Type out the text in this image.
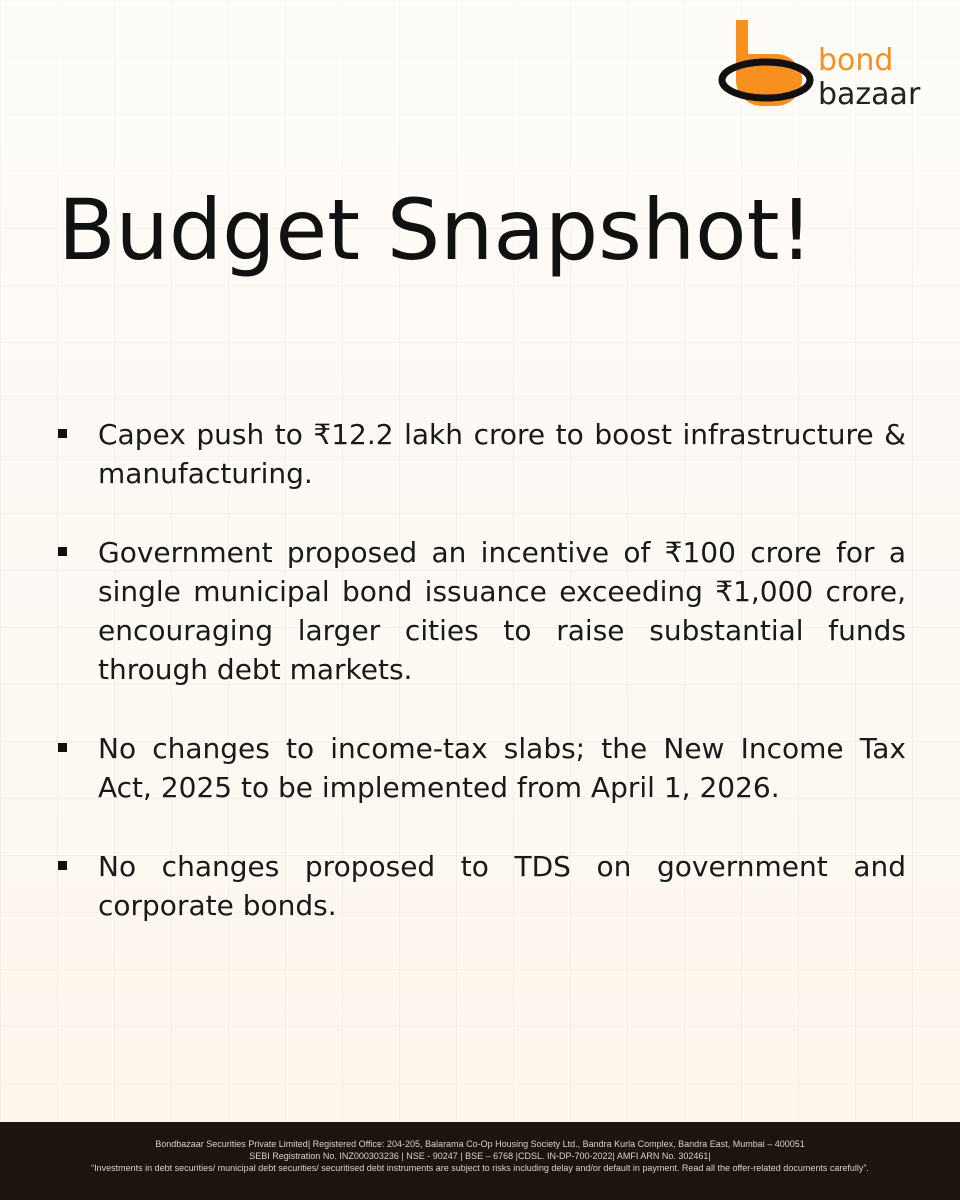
bond
bazaar
Budget Snapshot!
Capex push to ₹12.2 lakh crore to boost infrastructure & manufacturing.
Government proposed an incentive of ₹100 crore for a single municipal bond issuance exceeding ₹1,000 crore, encouraging larger cities to raise substantial funds through debt markets.
No changes to income-tax slabs; the New Income Tax Act, 2025 to be implemented from April 1, 2026.
No changes proposed to TDS on government and corporate bonds.
Bondbazaar Securities Private Limited| Registered Office: 204-205, Balarama Co-Op Housing Society Ltd., Bandra Kurla Complex, Bandra East, Mumbai – 400051
SEBI Registration No. INZ000303236 | NSE - 90247 | BSE – 6768 |CDSL. IN-DP-700-2022| AMFI ARN No. 302461|
“Investments in debt securities/ municipal debt securities/ securitised debt instruments are subject to risks including delay and/or default in payment. Read all the offer-related documents carefully”.
